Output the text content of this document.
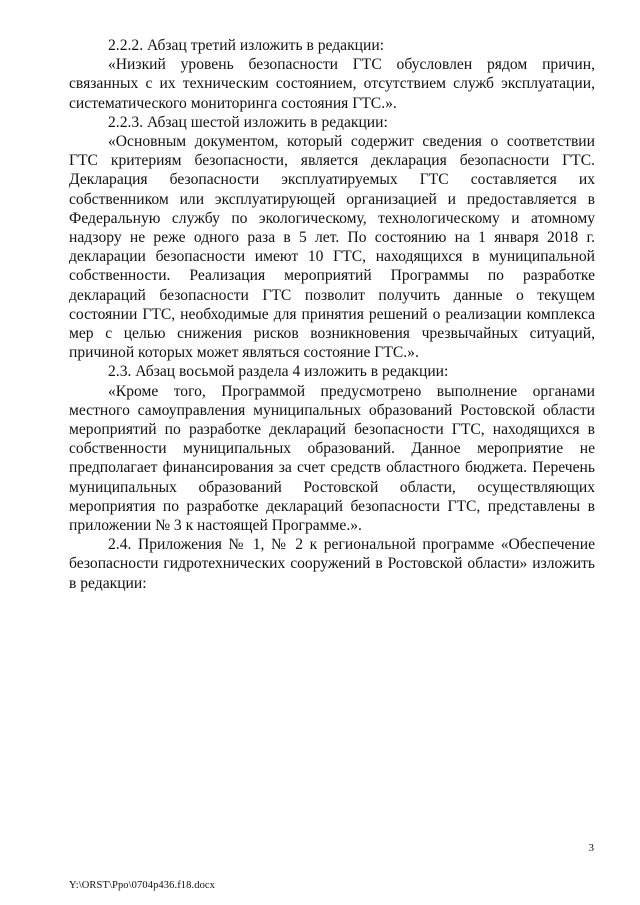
2.2.2. Абзац третий изложить в редакции:

«Низкий уровень безопасности ГТС обусловлен рядом причин, связанных с их техническим состоянием, отсутствием служб эксплуатации, систематического мониторинга состояния ГТС.».

2.2.3. Абзац шестой изложить в редакции:

«Основным документом, который содержит сведения о соответствии ГТС критериям безопасности, является декларация безопасности ГТС. Декларация безопасности эксплуатируемых ГТС составляется их собственником или эксплуатирующей организацией и предоставляется в Федеральную службу по экологическому, технологическому и атомному надзору не реже одного раза в 5 лет. По состоянию на 1 января 2018 г. декларации безопасности имеют 10 ГТС, находящихся в муниципальной собственности. Реализация мероприятий Программы по разработке деклараций безопасности ГТС позволит получить данные о текущем состоянии ГТС, необходимые для принятия решений о реализации комплекса мер с целью снижения рисков возникновения чрезвычайных ситуаций, причиной которых может являться состояние ГТС.».

2.3. Абзац восьмой раздела 4 изложить в редакции:

«Кроме того, Программой предусмотрено выполнение органами местного самоуправления муниципальных образований Ростовской области мероприятий по разработке деклараций безопасности ГТС, находящихся в собственности муниципальных образований. Данное мероприятие не предполагает финансирования за счет средств областного бюджета. Перечень муниципальных образований Ростовской области, осуществляющих мероприятия по разработке деклараций безопасности ГТС, представлены в приложении № 3 к настоящей Программе.».

2.4. Приложения № 1, № 2 к региональной программе «Обеспечение безопасности гидротехнических сооружений в Ростовской области» изложить в редакции:

3
Y:\ORST\Ppo\0704p436.f18.docx
